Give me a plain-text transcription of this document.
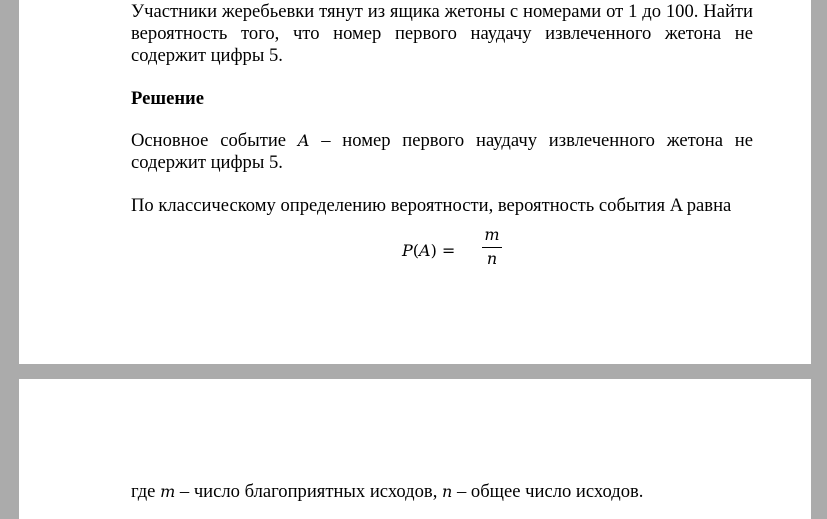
Участники жеребьевки тянут из ящика жетоны с номерами от 1 до 100. Найти вероятность того, что номер первого наудачу извлеченного жетона не содержит цифры 5.

Решение

Основное событие A – номер первого наудачу извлеченного жетона не содержит цифры 5.

По классическому определению вероятности, вероятность события A равна

P(A) =
m
n

где m – число благоприятных исходов, n – общее число исходов.
